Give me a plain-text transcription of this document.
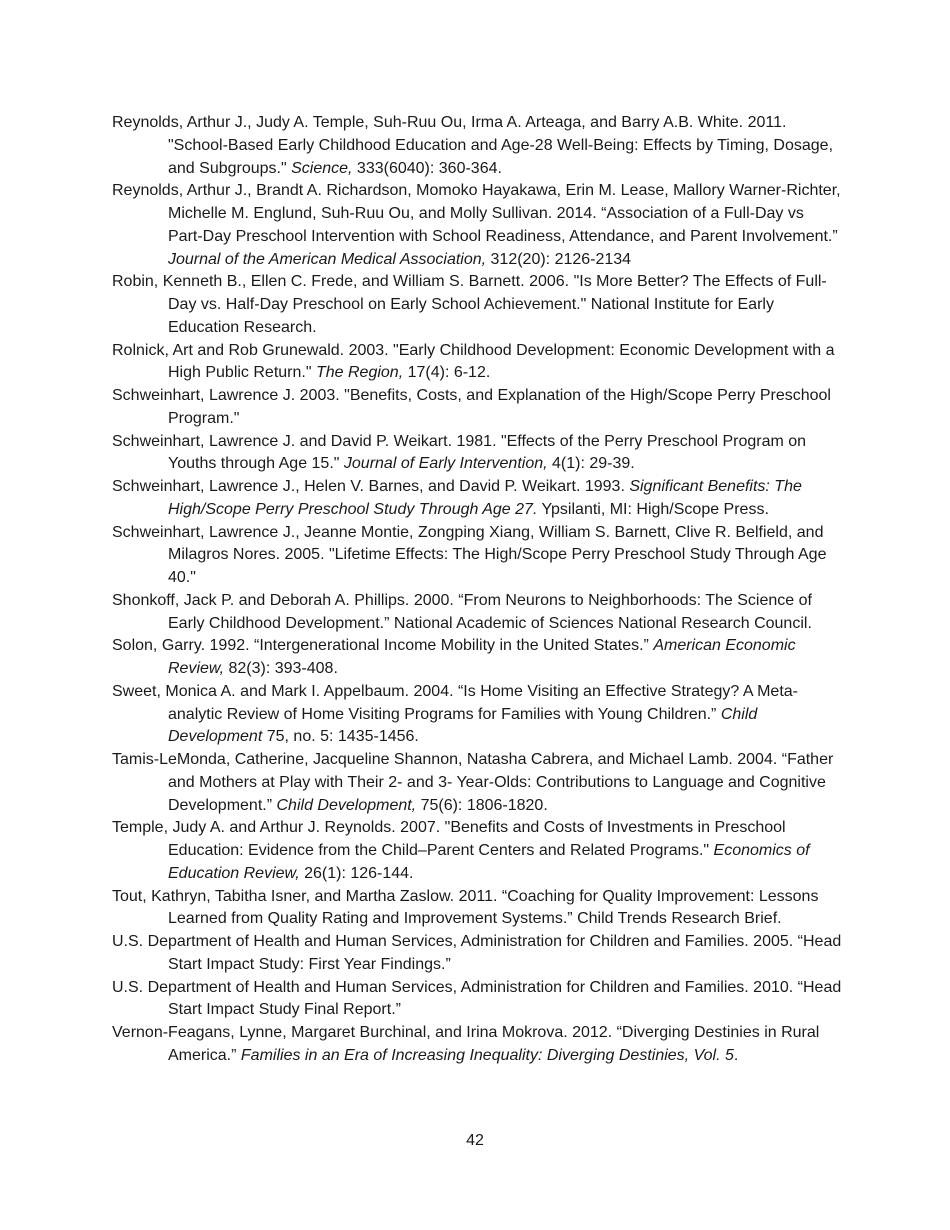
Reynolds, Arthur J., Judy A. Temple, Suh-Ruu Ou, Irma A. Arteaga, and Barry A.B. White. 2011. "School-Based Early Childhood Education and Age-28 Well-Being: Effects by Timing, Dosage, and Subgroups." Science, 333(6040): 360-364.

Reynolds, Arthur J., Brandt A. Richardson, Momoko Hayakawa, Erin M. Lease, Mallory Warner-Richter, Michelle M. Englund, Suh-Ruu Ou, and Molly Sullivan. 2014. “Association of a Full-Day vs Part-Day Preschool Intervention with School Readiness, Attendance, and Parent Involvement.” Journal of the American Medical Association, 312(20): 2126-2134

Robin, Kenneth B., Ellen C. Frede, and William S. Barnett. 2006. "Is More Better? The Effects of Full-Day vs. Half-Day Preschool on Early School Achievement." National Institute for Early Education Research.

Rolnick, Art and Rob Grunewald. 2003. "Early Childhood Development: Economic Development with a High Public Return." The Region, 17(4): 6-12.

Schweinhart, Lawrence J. 2003. "Benefits, Costs, and Explanation of the High/Scope Perry Preschool Program."

Schweinhart, Lawrence J. and David P. Weikart. 1981. "Effects of the Perry Preschool Program on Youths through Age 15." Journal of Early Intervention, 4(1): 29-39.

Schweinhart, Lawrence J., Helen V. Barnes, and David P. Weikart. 1993. Significant Benefits: The High/Scope Perry Preschool Study Through Age 27. Ypsilanti, MI: High/Scope Press.

Schweinhart, Lawrence J., Jeanne Montie, Zongping Xiang, William S. Barnett, Clive R. Belfield, and Milagros Nores. 2005. "Lifetime Effects: The High/Scope Perry Preschool Study Through Age 40."

Shonkoff, Jack P. and Deborah A. Phillips. 2000. “From Neurons to Neighborhoods: The Science of Early Childhood Development.” National Academic of Sciences National Research Council.

Solon, Garry. 1992. “Intergenerational Income Mobility in the United States.” American Economic Review, 82(3): 393-408.

Sweet, Monica A. and Mark I. Appelbaum. 2004. “Is Home Visiting an Effective Strategy? A Meta-analytic Review of Home Visiting Programs for Families with Young Children.” Child Development 75, no. 5: 1435-1456.

Tamis-LeMonda, Catherine, Jacqueline Shannon, Natasha Cabrera, and Michael Lamb. 2004. “Father and Mothers at Play with Their 2- and 3- Year-Olds: Contributions to Language and Cognitive Development.” Child Development, 75(6): 1806-1820.

Temple, Judy A. and Arthur J. Reynolds. 2007. "Benefits and Costs of Investments in Preschool Education: Evidence from the Child–Parent Centers and Related Programs." Economics of Education Review, 26(1): 126-144.

Tout, Kathryn, Tabitha Isner, and Martha Zaslow. 2011. “Coaching for Quality Improvement: Lessons Learned from Quality Rating and Improvement Systems.” Child Trends Research Brief.

U.S. Department of Health and Human Services, Administration for Children and Families. 2005. “Head Start Impact Study: First Year Findings.”

U.S. Department of Health and Human Services, Administration for Children and Families. 2010. “Head Start Impact Study Final Report.”

Vernon-Feagans, Lynne, Margaret Burchinal, and Irina Mokrova. 2012. “Diverging Destinies in Rural America.” Families in an Era of Increasing Inequality: Diverging Destinies, Vol. 5.

42
